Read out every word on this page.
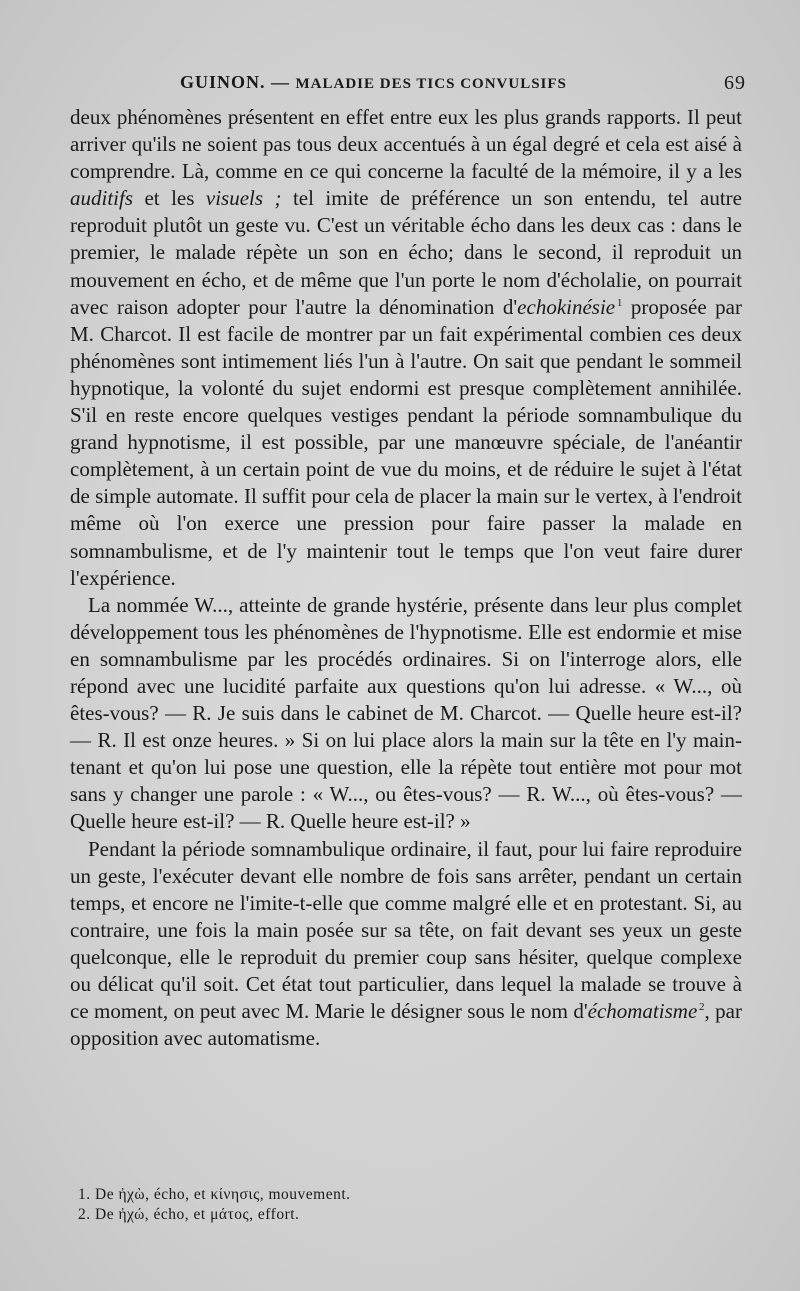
GUINON. — MALADIE DES TICS CONVULSIFS	69

deux phénomènes présentent en effet entre eux les plus grands rapports. Il peut arriver qu'ils ne soient pas tous deux accentués à un égal degré et cela est aisé à comprendre. Là, comme en ce qui concerne la faculté de la mémoire, il y a les auditifs et les visuels ; tel imite de préférence un son entendu, tel autre reproduit plutôt un geste vu. C'est un véritable écho dans les deux cas : dans le premier, le malade répète un son en écho; dans le second, il reproduit un mouvement en écho, et de même que l'un porte le nom d'écholalie, on pourrait avec raison adopter pour l'autre la dénomination d'echokinésie  $^1$ proposée par M. Charcot. Il est facile de montrer par un fait expérimental combien ces deux phénomènes sont intimement liés l'un à l'autre. On sait que pendant le sommeil hypnotique, la volonté du sujet endormi est presque complètement annihilée. S'il en reste encore quelques vestiges pendant la période somnambulique du grand hypnotisme, il est possible, par une manœuvre spéciale, de l'anéantir complètement, à un certain point de vue du moins, et de réduire le sujet à l'état de simple automate. Il suffit pour cela de placer la main sur le vertex, à l'endroit même où l'on exerce une pression pour faire passer la malade en somnambulisme, et de l'y maintenir tout le temps que l'on veut faire durer l'expérience.

La nommée W..., atteinte de grande hystérie, présente dans leur plus complet développement tous les phénomènes de l'hypnotisme. Elle est endormie et mise en somnambulisme par les procédés ordinaires. Si on l'interroge alors, elle répond avec une lucidité parfaite aux questions qu'on lui adresse. « W..., où êtes-vous? — R. Je suis dans le cabinet de M. Charcot. — Quelle heure est-il? — R. Il est onze heures. » Si on lui place alors la main sur la tête en l'y maintenant et qu'on lui pose une question, elle la répète tout entière mot pour mot sans y changer une parole : « W..., ou êtes-vous? — R. W..., où êtes-vous? — Quelle heure est-il? — R. Quelle heure est-il? »

Pendant la période somnambulique ordinaire, il faut, pour lui faire reproduire un geste, l'exécuter devant elle nombre de fois sans arrêter, pendant un certain temps, et encore ne l'imite-t-elle que comme malgré elle et en protestant. Si, au contraire, une fois la main posée sur sa tête, on fait devant ses yeux un geste quelconque, elle le reproduit du premier coup sans hésiter, quelque complexe ou délicat qu'il soit. Cet état tout particulier, dans lequel la malade se trouve à ce moment, on peut avec M. Marie le désigner sous le nom d'échomatisme  $^2$, par opposition avec automatisme.

1. De ἠχὼ, écho, et κίνησις, mouvement.
2. De ἠχώ, écho, et μάτος, effort.
